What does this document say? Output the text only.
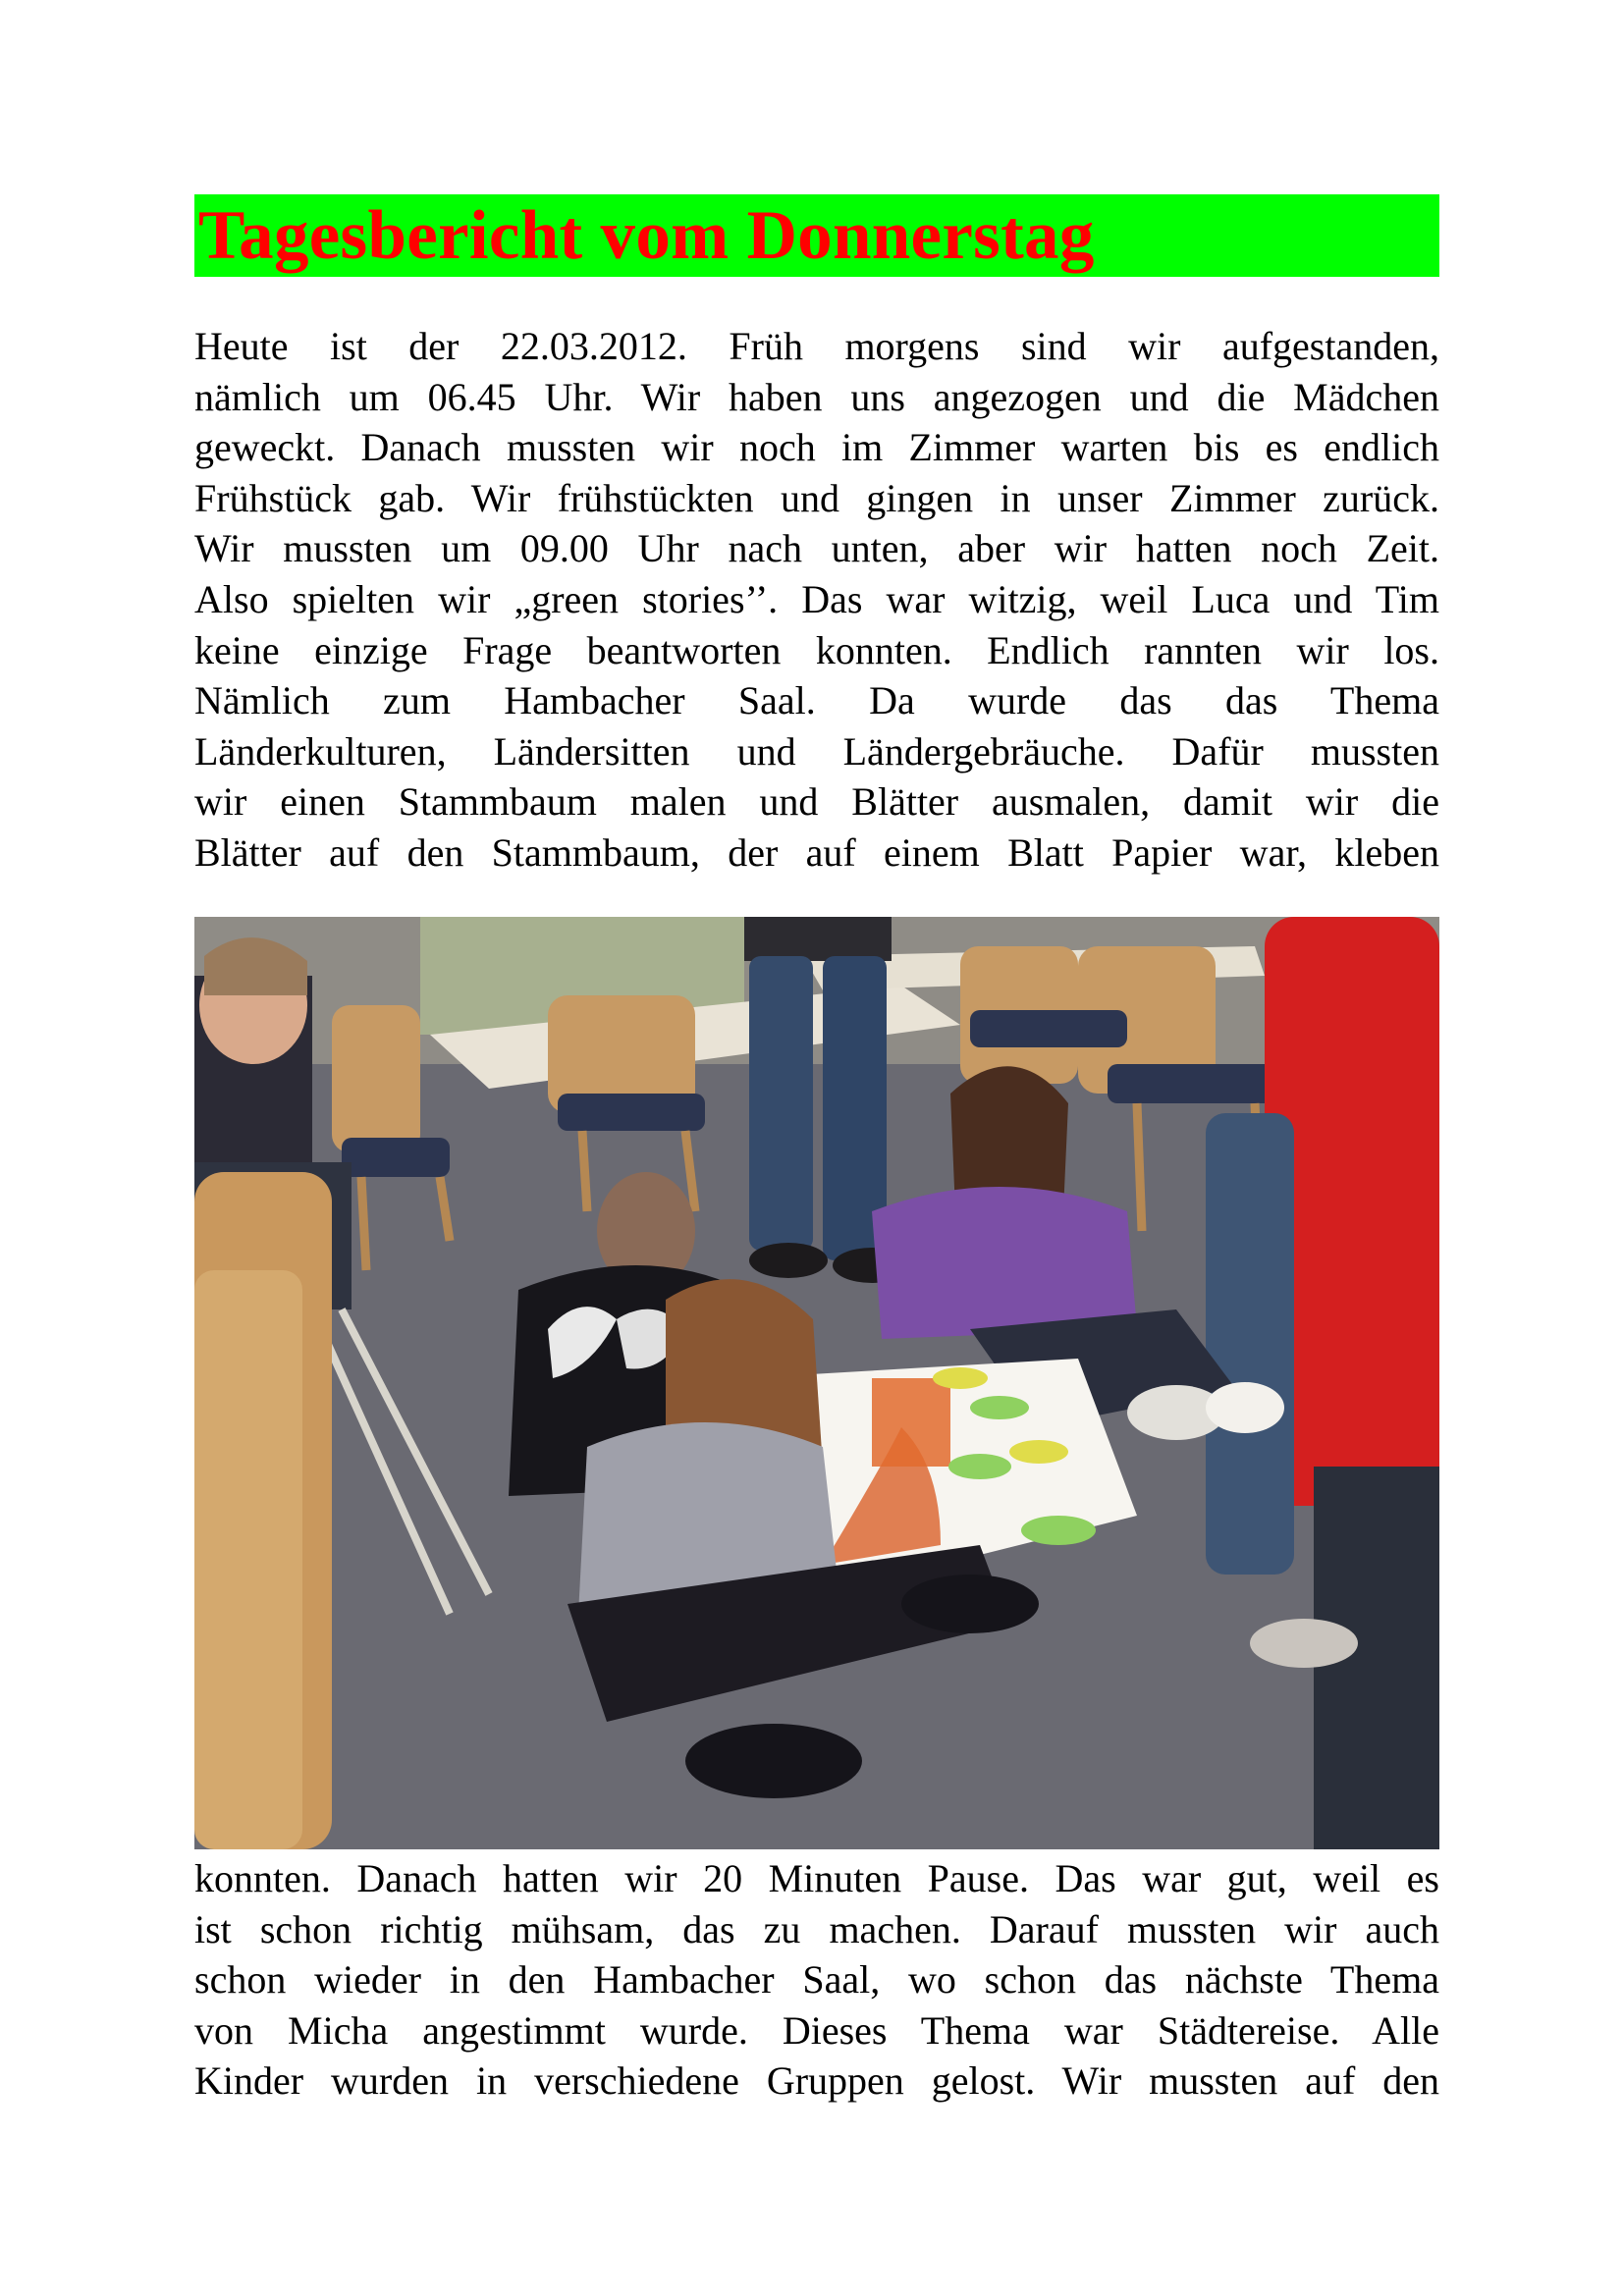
Tagesbericht vom Donnerstag
Heute ist der 22.03.2012. Früh morgens sind wir aufgestanden,
nämlich um 06.45 Uhr. Wir haben uns angezogen und die Mädchen
geweckt. Danach mussten wir noch im Zimmer warten bis es endlich
Frühstück gab. Wir frühstückten und gingen in unser Zimmer zurück.
Wir mussten um 09.00 Uhr nach unten, aber wir hatten noch Zeit.
Also spielten wir „green stories’’. Das war witzig, weil Luca und Tim
keine einzige Frage beantworten konnten. Endlich rannten wir los.
Nämlich zum Hambacher Saal. Da wurde das das Thema
Länderkulturen, Ländersitten und Ländergebräuche. Dafür mussten
wir einen Stammbaum malen und Blätter ausmalen, damit wir die
Blätter auf den Stammbaum, der auf einem Blatt Papier war, kleben
konnten. Danach hatten wir 20 Minuten Pause. Das war gut, weil es
ist schon richtig mühsam, das zu machen. Darauf mussten wir auch
schon wieder in den Hambacher Saal, wo schon das nächste Thema
von Micha angestimmt wurde. Dieses Thema war Städtereise. Alle
Kinder wurden in verschiedene Gruppen gelost. Wir mussten auf den
